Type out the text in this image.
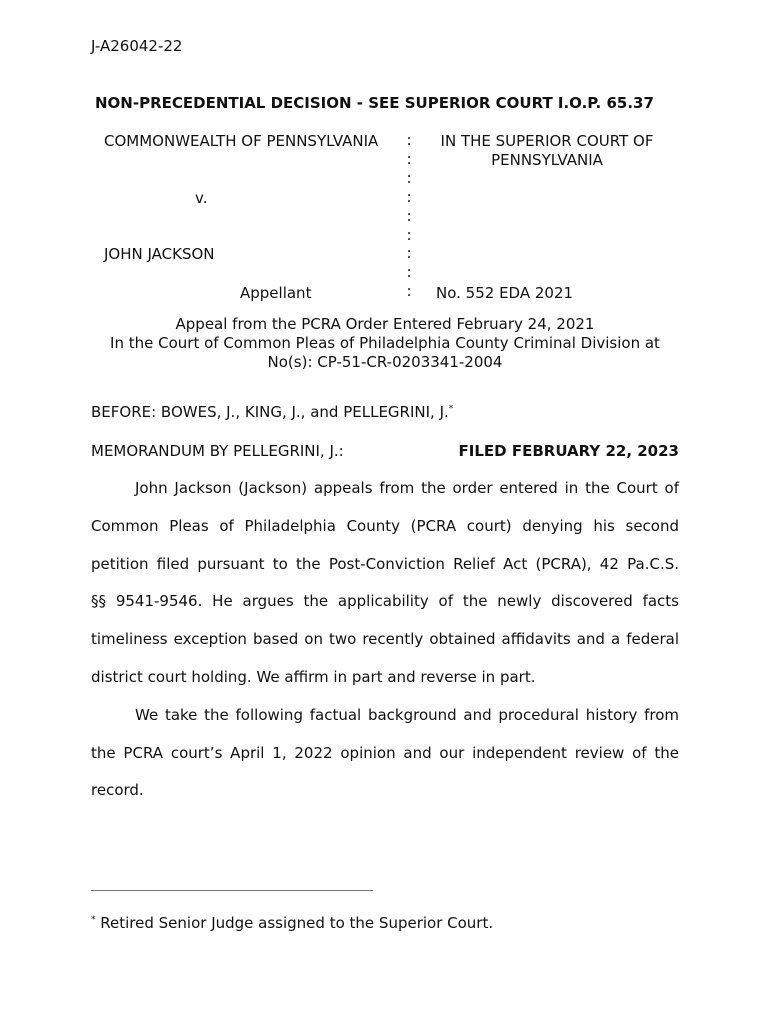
J-A26042-22
NON-PRECEDENTIAL DECISION - SEE SUPERIOR COURT I.O.P. 65.37
COMMONWEALTH OF PENNSYLVANIA
v.
JOHN JACKSON
Appellant
:
:
:
:
:
:
:
:
:
IN THE SUPERIOR COURT OF
PENNSYLVANIA
No. 552 EDA 2021
Appeal from the PCRA Order Entered February 24, 2021
In the Court of Common Pleas of Philadelphia County Criminal Division at
No(s): CP-51-CR-0203341-2004
BEFORE: BOWES, J., KING, J., and PELLEGRINI, J.*
MEMORANDUM BY PELLEGRINI, J.:	FILED FEBRUARY 22, 2023
John Jackson (Jackson) appeals from the order entered in the Court of
Common Pleas of Philadelphia County (PCRA court) denying his second
petition filed pursuant to the Post-Conviction Relief Act (PCRA), 42 Pa.C.S.
§§ 9541-9546. He argues the applicability of the newly discovered facts
timeliness exception based on two recently obtained affidavits and a federal
district court holding. We affirm in part and reverse in part.
We take the following factual background and procedural history from
the PCRA court’s April 1, 2022 opinion and our independent review of the
record.
* Retired Senior Judge assigned to the Superior Court.
